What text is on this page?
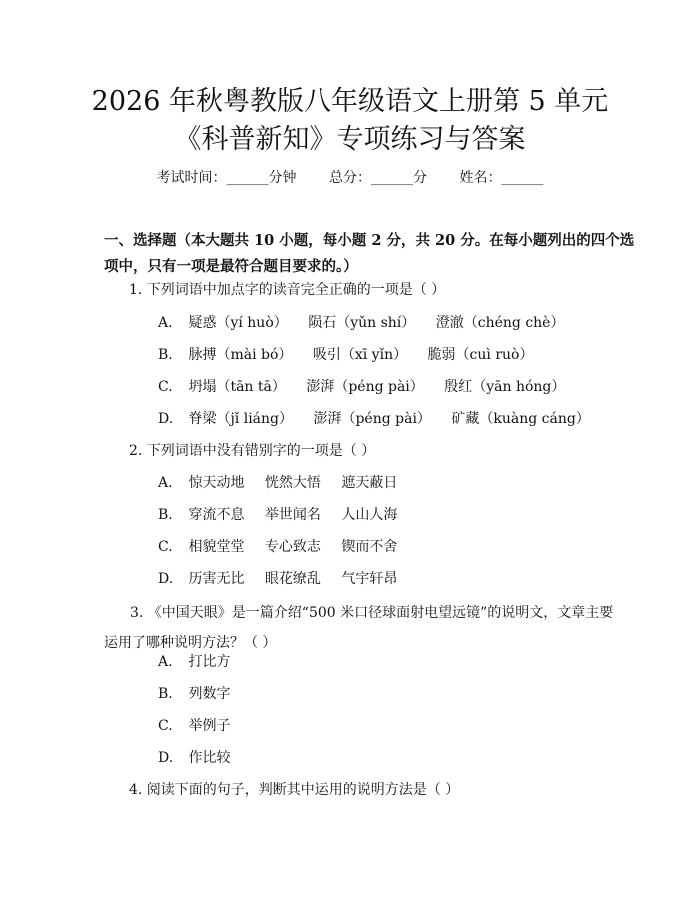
2026 年秋粤教版八年级语文上册第 5 单元
《科普新知》专项练习与答案
考试时间：______分钟 总分：______分 姓名：______

一、选择题（本大题共 10 小题，每小题 2 分，共 20 分。在每小题列出的四个选项中，只有一项是最符合题目要求的。）

1. 下列词语中加点字的读音完全正确的一项是（ ）
A. 疑惑（yí huò） 陨石（yǔn shí） 澄澈（chéng chè）
B. 脉搏（mài bó） 吸引（xī yǐn） 脆弱（cuì ruò）
C. 坍塌（tān tā） 澎湃（péng pài） 殷红（yān hóng）
D. 脊梁（jǐ liáng） 澎湃（péng pài） 矿藏（kuàng cáng）
2. 下列词语中没有错别字的一项是（ ）
A. 惊天动地 恍然大悟 遮天蔽日
B. 穿流不息 举世闻名 人山人海
C. 相貌堂堂 专心致志 锲而不舍
D. 历害无比 眼花缭乱 气宇轩昂
3. 《中国天眼》是一篇介绍“500 米口径球面射电望远镜”的说明文，文章主要运用了哪种说明方法？（ ）
A. 打比方
B. 列数字
C. 举例子
D. 作比较
4. 阅读下面的句子，判断其中运用的说明方法是（ ）
